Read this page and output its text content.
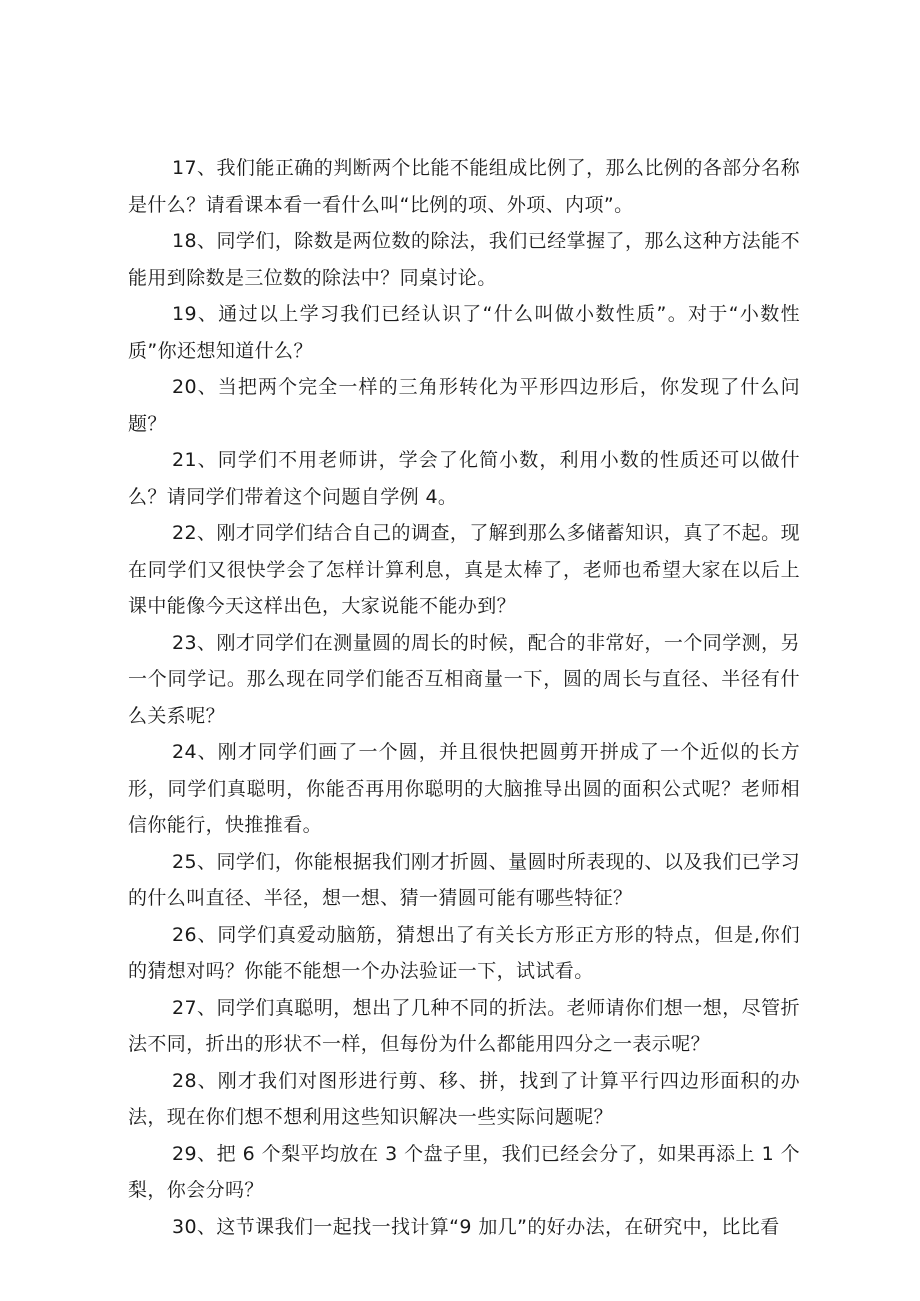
17、我们能正确的判断两个比能不能组成比例了，那么比例的各部分名称是什么？请看课本看一看什么叫“比例的项、外项、内项”。

18、同学们，除数是两位数的除法，我们已经掌握了，那么这种方法能不能用到除数是三位数的除法中？同桌讨论。

19、通过以上学习我们已经认识了“什么叫做小数性质”。对于“小数性质”你还想知道什么？

20、当把两个完全一样的三角形转化为平形四边形后，你发现了什么问题？

21、同学们不用老师讲，学会了化简小数，利用小数的性质还可以做什么？请同学们带着这个问题自学例 4。

22、刚才同学们结合自己的调查，了解到那么多储蓄知识，真了不起。现在同学们又很快学会了怎样计算利息，真是太棒了，老师也希望大家在以后上课中能像今天这样出色，大家说能不能办到？

23、刚才同学们在测量圆的周长的时候，配合的非常好，一个同学测，另一个同学记。那么现在同学们能否互相商量一下，圆的周长与直径、半径有什么关系呢？

24、刚才同学们画了一个圆，并且很快把圆剪开拼成了一个近似的长方形，同学们真聪明，你能否再用你聪明的大脑推导出圆的面积公式呢？老师相信你能行，快推推看。

25、同学们，你能根据我们刚才折圆、量圆时所表现的、以及我们已学习的什么叫直径、半径，想一想、猜一猜圆可能有哪些特征？

26、同学们真爱动脑筋，猜想出了有关长方形正方形的特点，但是,你们的猜想对吗？你能不能想一个办法验证一下，试试看。

27、同学们真聪明，想出了几种不同的折法。老师请你们想一想，尽管折法不同，折出的形状不一样，但每份为什么都能用四分之一表示呢？

28、刚才我们对图形进行剪、移、拼，找到了计算平行四边形面积的办法，现在你们想不想利用这些知识解决一些实际问题呢？

29、把 6 个梨平均放在 3 个盘子里，我们已经会分了，如果再添上 1 个梨，你会分吗？

30、这节课我们一起找一找计算“9 加几”的好办法，在研究中，比比看
